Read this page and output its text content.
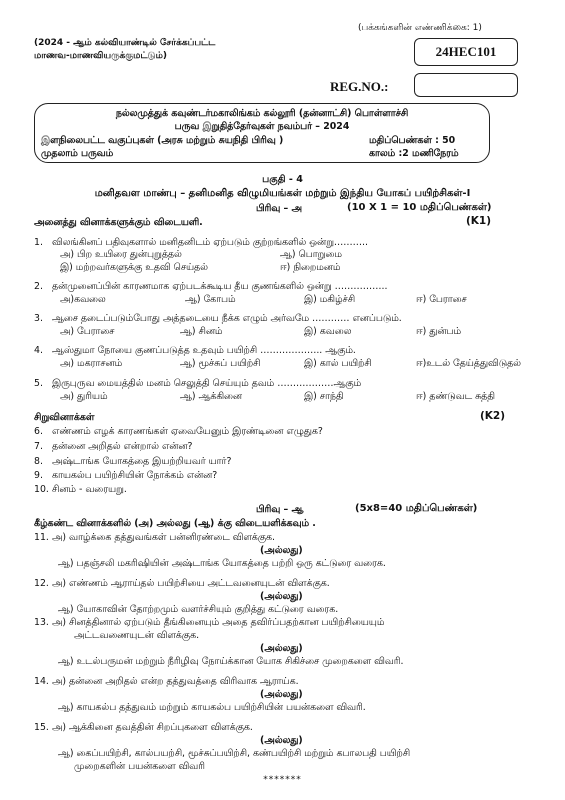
(பக்கங்களின் எண்ணிக்கை: 1)
(2024 - ஆம் கல்வியாண்டில் சேர்க்கப்பட்ட
மாணவ-மாணவியருக்குமட்டும்)	24HEC101
REG.NO.:
நல்லமுத்துக் கவுண்டர்மகாலிங்கம் கல்லூரி (தன்னாட்சி) பொள்ளாச்சி
பருவ இறுதித்தேர்வுகள் நவம்பர் – 2024
இளநிலைபட்ட வகுப்புகள் (அரசு மற்றும் சுயநிதி பிரிவு )	மதிப்பெண்கள் : 50
முதலாம் பருவம்	காலம் :2 மணிநேரம்
பகுதி - 4
மனிதவள மாண்பு – தனிமனித விழுமியங்கள் மற்றும் இந்திய யோகப் பயிற்சிகள்-I
பிரிவு – அ	(10 X 1 = 10 மதிப்பெண்கள்)
அனைத்து வினாக்களுக்கும் விடையளி.	(K1)
1. விலங்கினப் பதிவுகளால் மனிதனிடம் ஏற்படும் குற்றங்களில் ஒன்று………..
அ) பிற உயிரை துன்புறுத்தல்	ஆ) பொறுமை
இ) மற்றவர்களுக்கு உதவி செய்தல்	ஈ) நிறைமனம்
2. தன்முனைப்பின் காரணமாக ஏற்படக்கூடிய தீய குணங்களில் ஒன்று ……………..
அ)கவலை	ஆ) கோபம்	இ) மகிழ்ச்சி	ஈ) பேராசை
3. ஆசை தடைப்படும்போது அத்தடையை நீக்க எழும் அர்வமே ………… எனப்படும்.
அ) பேராசை	ஆ) சினம்	இ) கவலை	ஈ) துன்பம்
4. ஆஸ்துமா நோயை குணப்படுத்த உதவும் பயிற்சி ……………….. ஆகும்.
அ) மகராசனம்	ஆ) மூச்சுப் பயிற்சி	இ) கால் பயிற்சி	ஈ)உடல் தேய்த்துவிடுதல்
5. இருபுருவ மையத்தில் மனம் செலுத்தி செய்யும் தவம் ………………ஆகும்
அ) துரியம்	ஆ) ஆக்கினை	இ) சாந்தி	ஈ) தண்டுவட சுத்தி
சிறுவினாக்கள்	(K2)
6. எண்ணம் எழக் காரணங்கள் ஏவையேனும் இரண்டினை எழுதுக?
7. தன்னை அறிதல் என்றால் என்ன?
8. அஷ்டாங்க யோகத்தை இயற்றியவர் யார்?
9. காயகல்ப பயிற்சியின் நோக்கம் என்ன?
10. சினம் - வரையறு.
பிரிவு – ஆ	(5x8=40 மதிப்பெண்கள்)
கீழ்கண்ட வினாக்களில் (அ) அல்லது (ஆ) க்கு விடையளிக்கவும் .
11. அ) வாழ்க்கை தத்துவங்கள் பன்னிரண்டை விளக்குக.
(அல்லது)
ஆ) பதஞ்சலி மகரிஷியின் அஷ்டாங்க யோகத்தை பற்றி ஒரு கட்டுரை வரைக.
12. அ) எண்ணம் ஆராய்தல் பயிற்சியை அட்டவனையுடன் விளக்குக.
(அல்லது)
ஆ) யோகாவின் தோற்றமும் வளர்ச்சியும் குறித்து கட்டுரை வரைக.
13. அ) சினத்தினால் ஏற்படும் தீங்கினையும் அதை தவிர்ப்பதற்கான பயிற்சியையும்
அட்டவணையுடன் விளக்குக.
(அல்லது)
ஆ) உடல்பருமன் மற்றும் நீரிழிவு நோய்க்கான யோக சிகிச்சை முறைகளை விவரி.
14. அ) தன்னை அறிதல் என்ற தத்துவத்தை விரிவாக ஆராய்க.
(அல்லது)
ஆ) காயகல்ப தத்துவம் மற்றும் காயகல்ப பயிற்சியின் பயன்களை விவரி.
15. அ) ஆக்கினை தவத்தின் சிறப்புகளை விளக்குக.
(அல்லது)
ஆ) கைப்பயிற்சி, கால்பயற்சி, மூச்சுப்பயிற்சி, கண்பயிற்சி மற்றும் கபாலபதி பயிற்சி
முறைகளின் பயன்களை விவரி
*******
